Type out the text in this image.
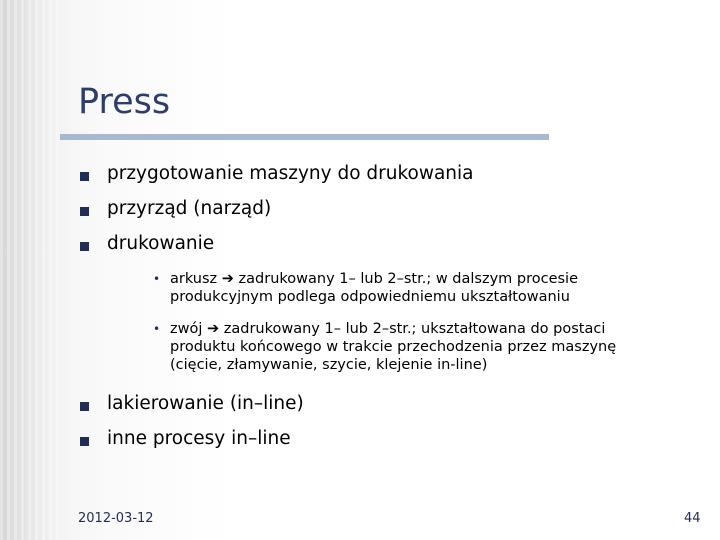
Press
przygotowanie maszyny do drukowania
przyrząd (narząd)
drukowanie
• arkusz ➔ zadrukowany 1– lub 2–str.; w dalszym procesie
produkcyjnym podlega odpowiedniemu ukształtowaniu
• zwój ➔ zadrukowany 1– lub 2–str.; ukształtowana do postaci
produktu końcowego w trakcie przechodzenia przez maszynę
(cięcie, złamywanie, szycie, klejenie in-line)
lakierowanie (in–line)
inne procesy in–line
2012-03-12	44
